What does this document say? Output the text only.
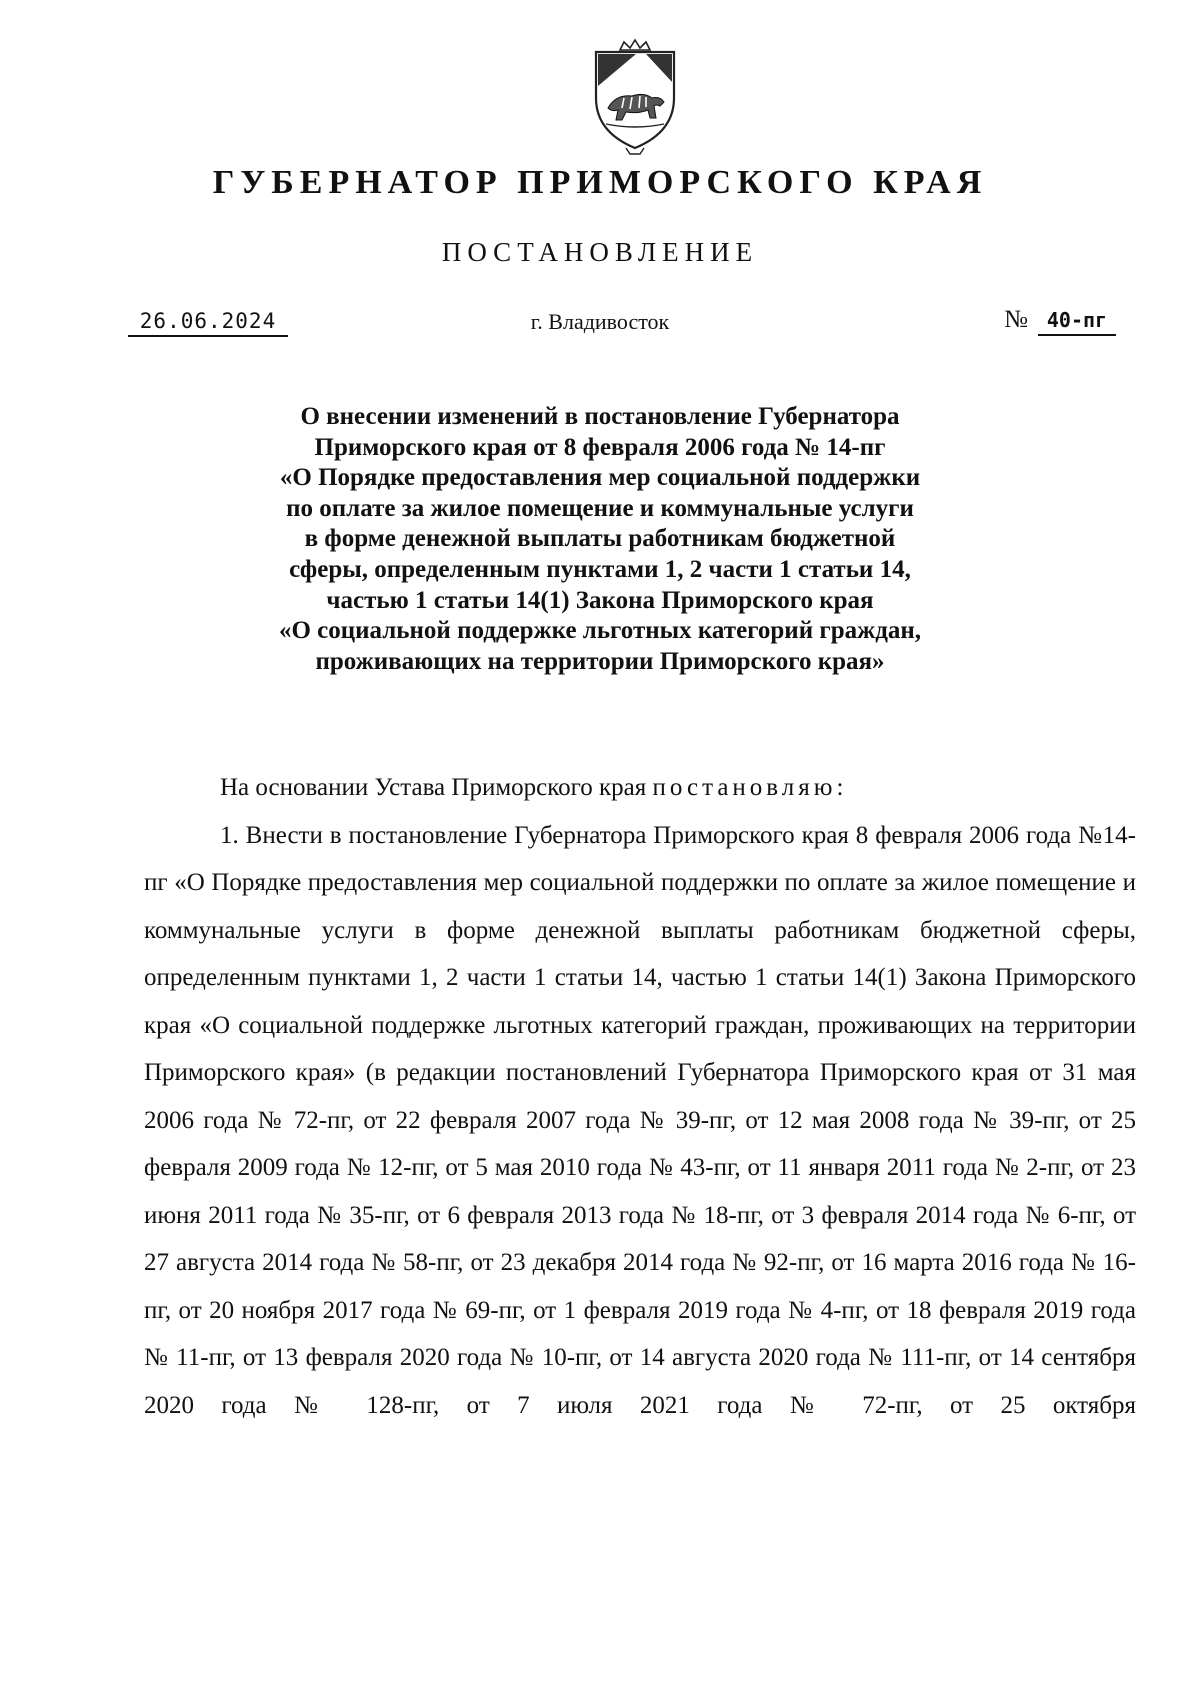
ГУБЕРНАТОР ПРИМОРСКОГО КРАЯ
ПОСТАНОВЛЕНИЕ
26.06.2024	г. Владивосток	№ 40-пг
О внесении изменений в постановление Губернатора
Приморского края от 8 февраля 2006 года № 14-пг
«О Порядке предоставления мер социальной поддержки
по оплате за жилое помещение и коммунальные услуги
в форме денежной выплаты работникам бюджетной
сферы, определенным пунктами 1, 2 части 1 статьи 14,
частью 1 статьи 14(1) Закона Приморского края
«О социальной поддержке льготных категорий граждан,
проживающих на территории Приморского края»

На основании Устава Приморского края постановляю:

1. Внести в постановление Губернатора Приморского края 8 февраля 2006 года №14-пг «О Порядке предоставления мер социальной поддержки по оплате за жилое помещение и коммунальные услуги в форме денежной выплаты работникам бюджетной сферы, определенным пунктами 1, 2 части 1 статьи 14, частью 1 статьи 14(1) Закона Приморского края «О социальной поддержке льготных категорий граждан, проживающих на территории Приморского края» (в редакции постановлений Губернатора Приморского края от 31 мая 2006 года № 72-пг, от 22 февраля 2007 года № 39-пг, от 12 мая 2008 года № 39-пг, от 25 февраля 2009 года № 12-пг, от 5 мая 2010 года № 43-пг, от 11 января 2011 года № 2-пг, от 23 июня 2011 года № 35-пг, от 6 февраля 2013 года № 18-пг, от 3 февраля 2014 года № 6-пг, от 27 августа 2014 года № 58-пг, от 23 декабря 2014 года № 92-пг, от 16 марта 2016 года № 16-пг, от 20 ноября 2017 года № 69-пг, от 1 февраля 2019 года № 4-пг, от 18 февраля 2019 года № 11-пг, от 13 февраля 2020 года № 10-пг, от 14 августа 2020 года № 111-пг, от 14 сентября 2020 года № 128-пг, от 7 июля 2021 года № 72-пг, от 25 октября
